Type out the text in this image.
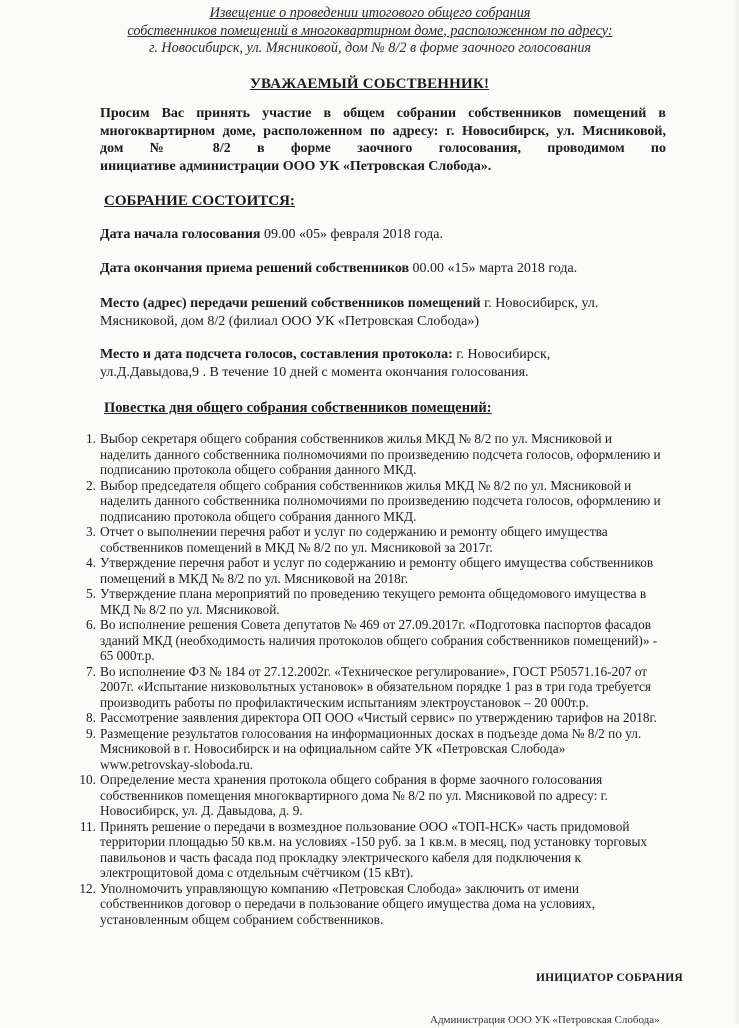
Извещение о проведении итогового общего собрания
собственников помещений в многоквартирном доме, расположенном по адресу:
г. Новосибирск, ул. Мясниковой, дом № 8/2 в форме заочного голосования
УВАЖАЕМЫЙ СОБСТВЕННИК!
Просим Вас принять участие в общем собрании собственников помещений в
многоквартирном доме, расположенном по адресу: г. Новосибирск, ул. Мясниковой,
дом № 8/2 в форме заочного голосования, проводимом по
инициативе администрации ООО УК «Петровская Слобода».
СОБРАНИЕ СОСТОИТСЯ:
Дата начала голосования 09.00 «05» февраля 2018 года.
Дата окончания приема решений собственников 00.00 «15» марта 2018 года.
Место (адрес) передачи решений собственников помещений г. Новосибирск, ул.
Мясниковой, дом 8/2 (филиал ООО УК «Петровская Слобода»)
Место и дата подсчета голосов, составления протокола: г. Новосибирск,
ул.Д.Давыдова,9 . В течение 10 дней с момента окончания голосования.
Повестка дня общего собрания собственников помещений:
1. Выбор секретаря общего собрания собственников жилья МКД № 8/2 по ул. Мясниковой и
наделить данного собственника полномочиями по произведению подсчета голосов, оформлению и
подписанию протокола общего собрания данного МКД.
2. Выбор председателя общего собрания собственников жилья МКД № 8/2 по ул. Мясниковой и
наделить данного собственника полномочиями по произведению подсчета голосов, оформлению и
подписанию протокола общего собрания данного МКД.
3. Отчет о выполнении перечня работ и услуг по содержанию и ремонту общего имущества
собственников помещений в МКД № 8/2 по ул. Мясниковой за 2017г.
4. Утверждение перечня работ и услуг по содержанию и ремонту общего имущества собственников
помещений в МКД № 8/2 по ул. Мясниковой на 2018г.
5. Утверждение плана мероприятий по проведению текущего ремонта общедомового имущества в
МКД № 8/2 по ул. Мясниковой.
6. Во исполнение решения Совета депутатов № 469 от 27.09.2017г. «Подготовка паспортов фасадов
зданий МКД (необходимость наличия протоколов общего собрания собственников помещений)» -
65 000т.р.
7. Во исполнение ФЗ № 184 от 27.12.2002г. «Техническое регулирование», ГОСТ Р50571.16-207 от
2007г. «Испытание низковольтных установок» в обязательном порядке 1 раз в три года требуется
производить работы по профилактическим испытаниям электроустановок – 20 000т.р.
8. Рассмотрение заявления директора ОП ООО «Чистый сервис» по утверждению тарифов на 2018г.
9. Размещение результатов голосования на информационных досках в подъезде дома № 8/2 по ул.
Мясниковой в г. Новосибирск и на официальном сайте УК «Петровская Слобода»
www.petrovskay-sloboda.ru.
10. Определение места хранения протокола общего собрания в форме заочного голосования
собственников помещения многоквартирного дома № 8/2 по ул. Мясниковой по адресу: г.
Новосибирск, ул. Д. Давыдова, д. 9.
11. Принять решение о передачи в возмездное пользование ООО «ТОП-НСК» часть придомовой
территории площадью 50 кв.м. на условиях -150 руб. за 1 кв.м. в месяц, под установку торговых
павильонов и часть фасада под прокладку электрического кабеля для подключения к
электрощитовой дома с отдельным счётчиком (15 кВт).
12. Уполномочить управляющую компанию «Петровская Слобода» заключить от имени
собственников договор о передачи в пользование общего имущества дома на условиях,
установленным общем собранием собственников.
ИНИЦИАТОР СОБРАНИЯ
Администрация ООО УК «Петровская Слобода»
